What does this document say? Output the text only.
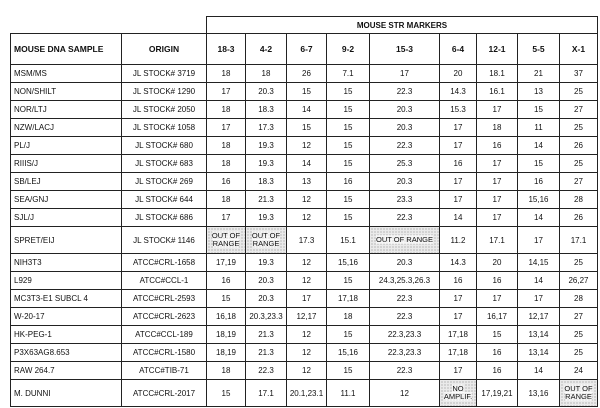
		MOUSE STR MARKERS								
MOUSE DNA SAMPLE	ORIGIN	18-3	4-2	6-7	9-2	15-3	6-4	12-1	5-5	X-1
MSM/MS	JL STOCK# 3719	18	18	26	7.1	17	20	18.1	21	37
NON/SHILT	JL STOCK# 1290	17	20.3	15	15	22.3	14.3	16.1	13	25
NOR/LTJ	JL STOCK# 2050	18	18.3	14	15	20.3	15.3	17	15	27
NZW/LACJ	JL STOCK# 1058	17	17.3	15	15	20.3	17	18	11	25
PL/J	JL STOCK# 680	18	19.3	12	15	22.3	17	16	14	26
RIIIS/J	JL STOCK# 683	18	19.3	14	15	25.3	16	17	15	25
SB/LEJ	JL STOCK# 269	16	18.3	13	16	20.3	17	17	16	27
SEA/GNJ	JL STOCK# 644	18	21.3	12	15	23.3	17	17	15,16	28
SJL/J	JL STOCK# 686	17	19.3	12	15	22.3	14	17	14	26
SPRET/EIJ	JL STOCK# 1146	OUT OF RANGE	OUT OF RANGE	17.3	15.1	OUT OF RANGE	11.2	17.1	17	17.1
NIH3T3	ATCC#CRL-1658	17,19	19.3	12	15,16	20.3	14.3	20	14,15	25
L929	ATCC#CCL-1	16	20.3	12	15	24.3,25.3,26.3	16	16	14	26,27
MC3T3-E1 SUBCL 4	ATCC#CRL-2593	15	20.3	17	17,18	22.3	17	17	17	28
W-20-17	ATCC#CRL-2623	16,18	20.3,23.3	12,17	18	22.3	17	16,17	12,17	27
HK-PEG-1	ATCC#CCL-189	18,19	21.3	12	15	22.3,23.3	17,18	15	13,14	25
P3X63AG8.653	ATCC#CRL-1580	18,19	21.3	12	15,16	22.3,23.3	17,18	16	13,14	25
RAW 264.7	ATCC#TIB-71	18	22.3	12	15	22.3	17	16	14	24
M. DUNNI	ATCC#CRL-2017	15	17.1	20.1,23.1	11.1	12	NO AMPLIF.	17,19,21	13,16	OUT OF RANGE
